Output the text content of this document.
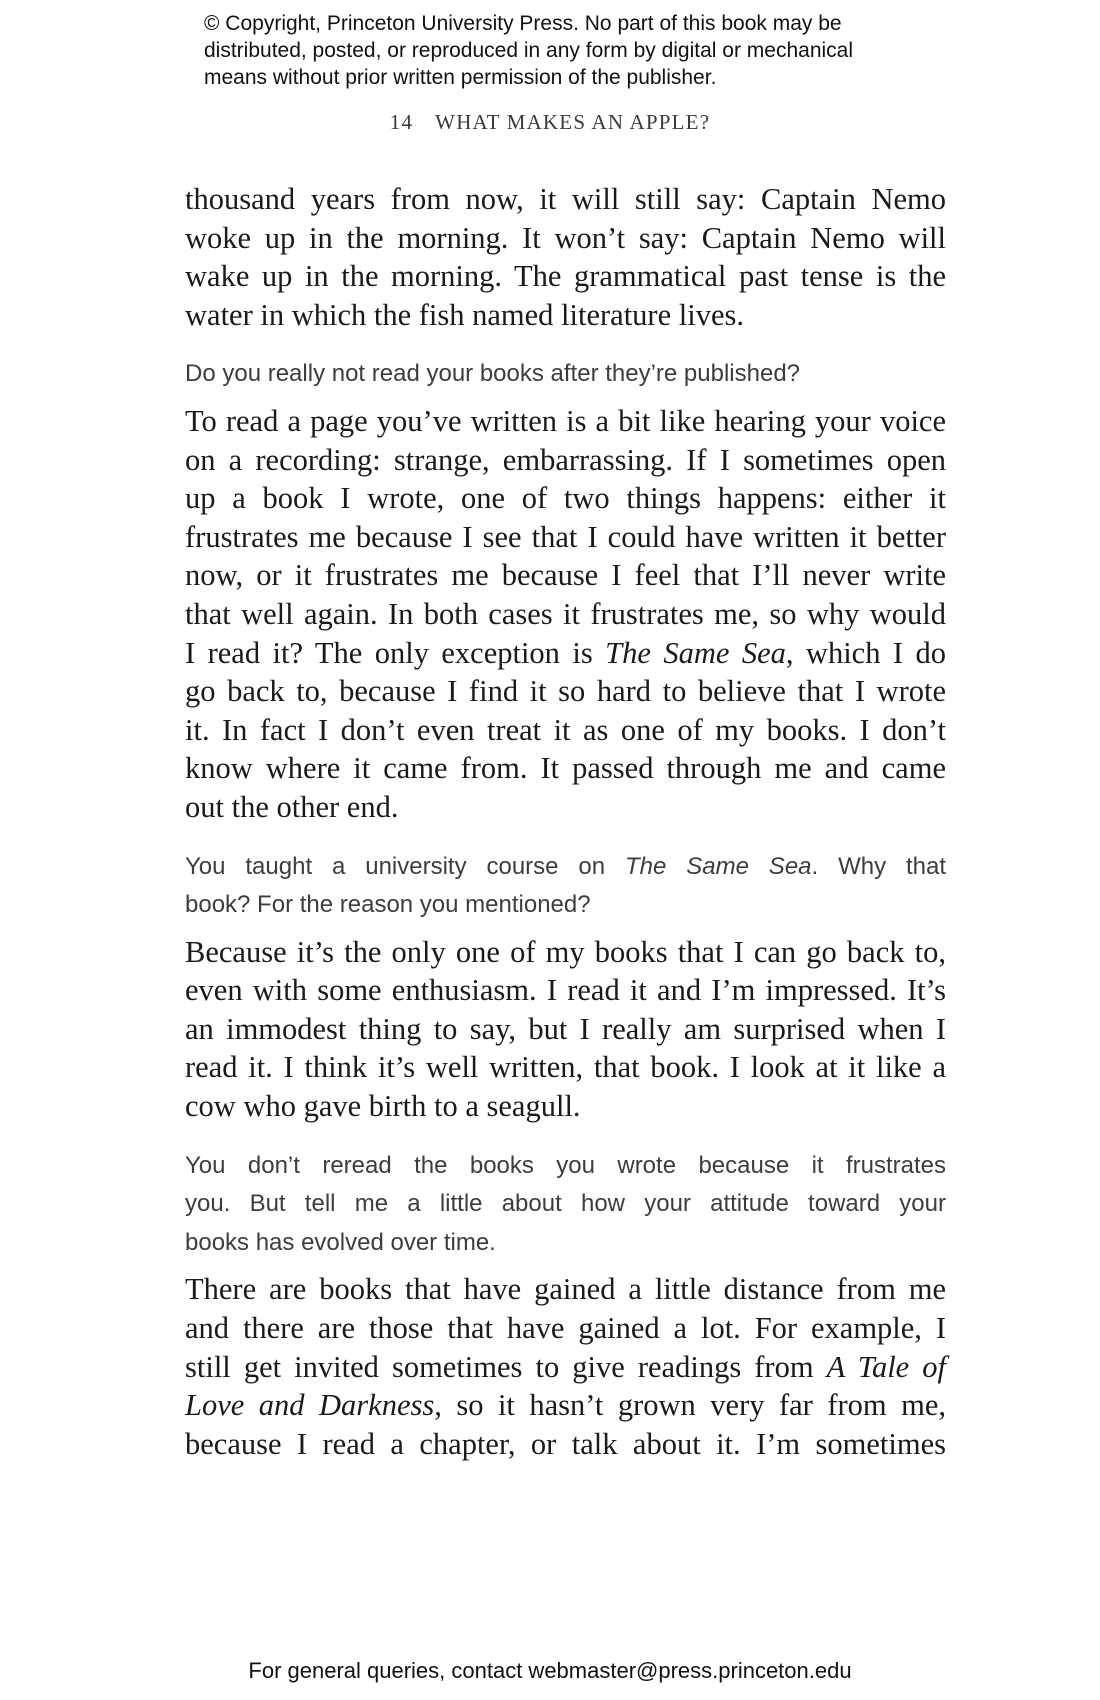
© Copyright, Princeton University Press. No part of this book may be

distributed, posted, or reproduced in any form by digital or mechanical

means without prior written permission of the publisher.

14 WHAT MAKES AN APPLE?
thousand years from now, it will still say: Captain Nemo
woke up in the morning. It won’t say: Captain Nemo will
wake up in the morning. The grammatical past tense is the
water in which the fish named literature lives.
Do you really not read your books after they’re published?
To read a page you’ve written is a bit like hearing your voice
on a recording: strange, embarrassing. If I sometimes open
up a book I wrote, one of two things happens: either it
frustrates me because I see that I could have written it better
now, or it frustrates me because I feel that I’ll never write
that well again. In both cases it frustrates me, so why would
I read it? The only exception is The Same Sea, which I do
go back to, because I find it so hard to believe that I wrote
it. In fact I don’t even treat it as one of my books. I don’t
know where it came from. It passed through me and came
out the other end.
You taught a university course on The Same Sea. Why that
book? For the reason you mentioned?
Because it’s the only one of my books that I can go back to,
even with some enthusiasm. I read it and I’m impressed. It’s
an immodest thing to say, but I really am surprised when I
read it. I think it’s well written, that book. I look at it like a
cow who gave birth to a seagull.
You don’t reread the books you wrote because it frustrates
you. But tell me a little about how your attitude toward your
books has evolved over time.
There are books that have gained a little distance from me
and there are those that have gained a lot. For example, I
still get invited sometimes to give readings from A Tale of
Love and Darkness, so it hasn’t grown very far from me,
because I read a chapter, or talk about it. I’m sometimes
For general queries, contact webmaster@press.princeton.edu
